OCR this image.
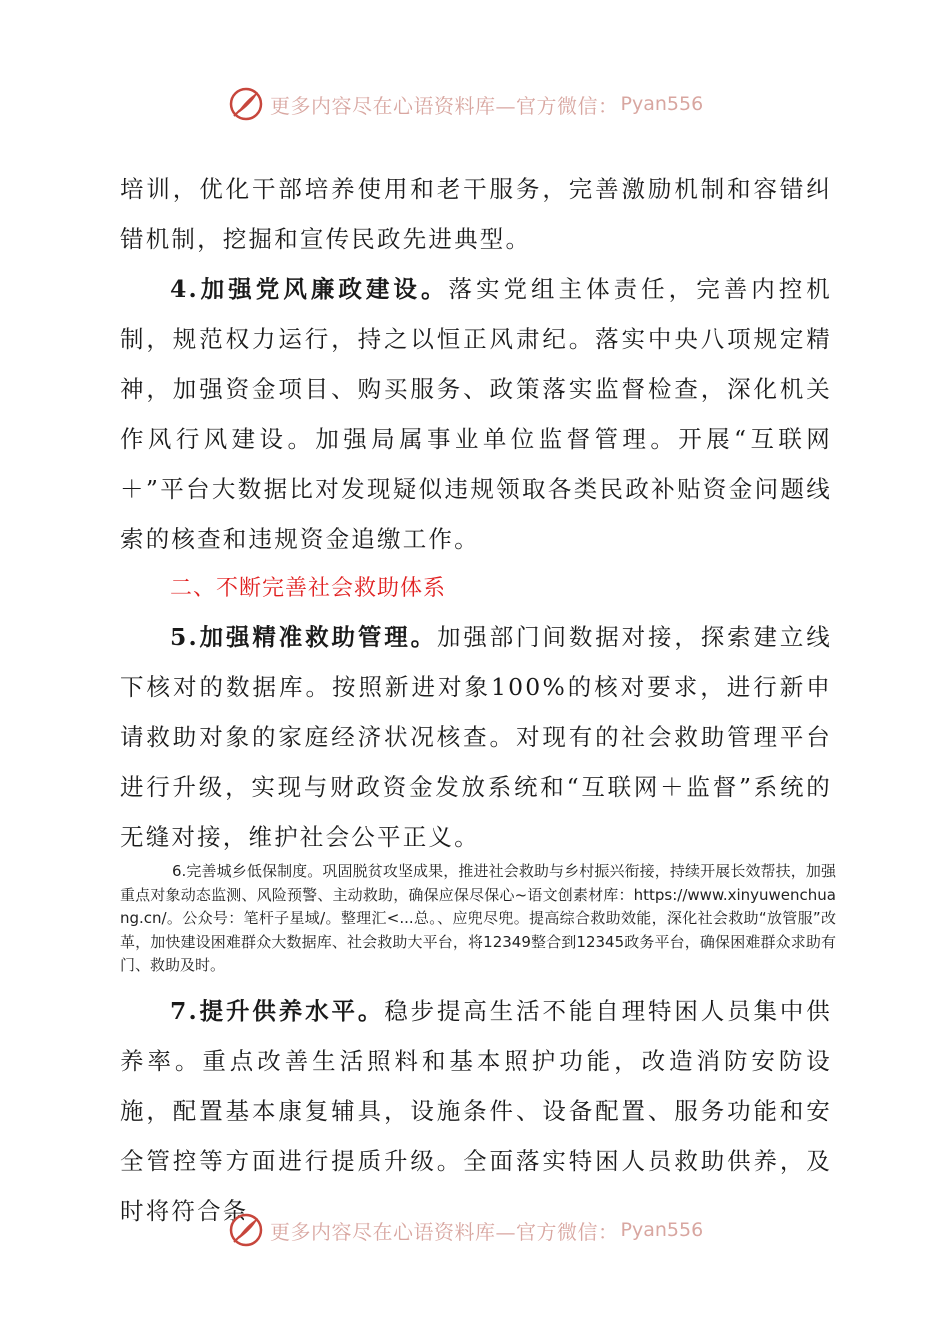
更多内容尽在心语资料库—官方微信： Pyan556
培训，优化干部培养使用和老干服务，完善激励机制和容错纠错机制，挖掘和宣传民政先进典型。
4.加强党风廉政建设。落实党组主体责任，完善内控机制，规范权力运行，持之以恒正风肃纪。落实中央八项规定精神，加强资金项目、购买服务、政策落实监督检查，深化机关作风行风建设。加强局属事业单位监督管理。开展“互联网＋”平台大数据比对发现疑似违规领取各类民政补贴资金问题线索的核查和违规资金追缴工作。
二、不断完善社会救助体系
5.加强精准救助管理。加强部门间数据对接，探索建立线下核对的数据库。按照新进对象100%的核对要求，进行新申请救助对象的家庭经济状况核查。对现有的社会救助管理平台进行升级，实现与财政资金发放系统和“互联网＋监督”系统的无缝对接，维护社会公平正义。
6.完善城乡低保制度。巩固脱贫攻坚成果，推进社会救助与乡村振兴衔接，持续开展长效帮扶，加强重点对象动态监测、风险预警、主动救助，确保应保尽保心~语文创素材库：https://www.xinyuwenchuang.cn/。公众号：笔杆子星域/。整理汇<...总。、应兜尽兜。提高综合救助效能，深化社会救助“放管服”改革，加快建设困难群众大数据库、社会救助大平台，将12349整合到12345政务平台，确保困难群众求助有门、救助及时。
7.提升供养水平。稳步提高生活不能自理特困人员集中供养率。重点改善生活照料和基本照护功能，改造消防安防设施，配置基本康复辅具，设施条件、设备配置、服务功能和安全管控等方面进行提质升级。全面落实特困人员救助供养，及时将符合条
更多内容尽在心语资料库—官方微信： Pyan556
